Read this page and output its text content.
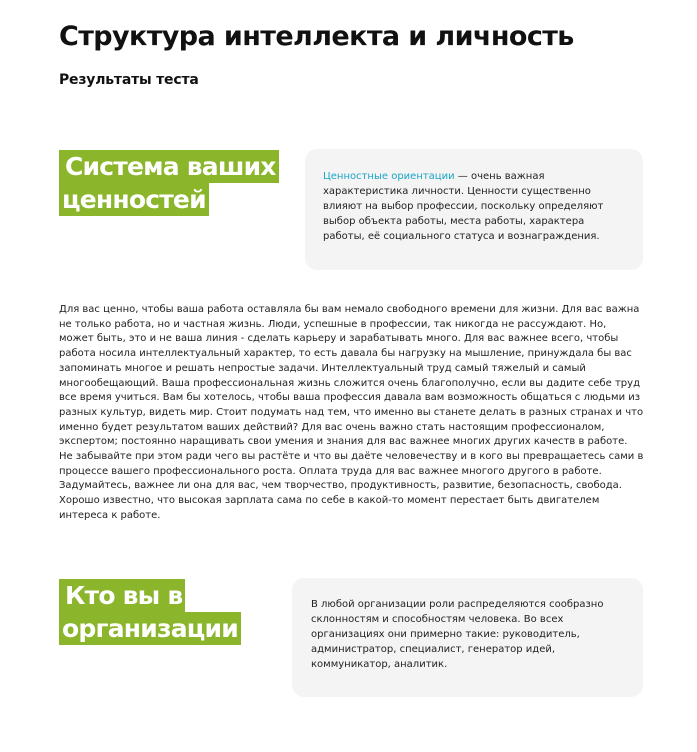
Структура интеллекта и личность
Результаты теста
Система ваших
ценностей

Ценностные ориентации — очень важная характеристика личности. Ценности существенно влияют на выбор профессии, поскольку определяют выбор объекта работы, места работы, характера работы, её социального статуса и вознаграждения.

Для вас ценно, чтобы ваша работа оставляла бы вам немало свободного времени для жизни. Для вас важна не только работа, но и частная жизнь. Люди, успешные в профессии, так никогда не рассуждают. Но, может быть, это и не ваша линия - сделать карьеру и зарабатывать много. Для вас важнее всего, чтобы работа носила интеллектуальный характер, то есть давала бы нагрузку на мышление, принуждала бы вас запоминать многое и решать непростые задачи. Интеллектуальный труд самый тяжелый и самый многообещающий. Ваша профессиональная жизнь сложится очень благополучно, если вы дадите себе труд все время учиться. Вам бы хотелось, чтобы ваша профессия давала вам возможность общаться с людьми из разных культур, видеть мир. Стоит подумать над тем, что именно вы станете делать в разных странах и что именно будет результатом ваших действий? Для вас очень важно стать настоящим профессионалом, экспертом; постоянно наращивать свои умения и знания для вас важнее многих других качеств в работе. Не забывайте при этом ради чего вы растёте и что вы даёте человечеству и в кого вы превращаетесь сами в процессе вашего профессионального роста. Оплата труда для вас важнее многого другого в работе. Задумайтесь, важнее ли она для вас, чем творчество, продуктивность, развитие, безопасность, свобода. Хорошо известно, что высокая зарплата сама по себе в какой-то момент перестает быть двигателем интереса к работе.

Кто вы в
организации

В любой организации роли распределяются сообразно склонностям и способностям человека. Во всех организациях они примерно такие: руководитель, администратор, специалист, генератор идей, коммуникатор, аналитик.
